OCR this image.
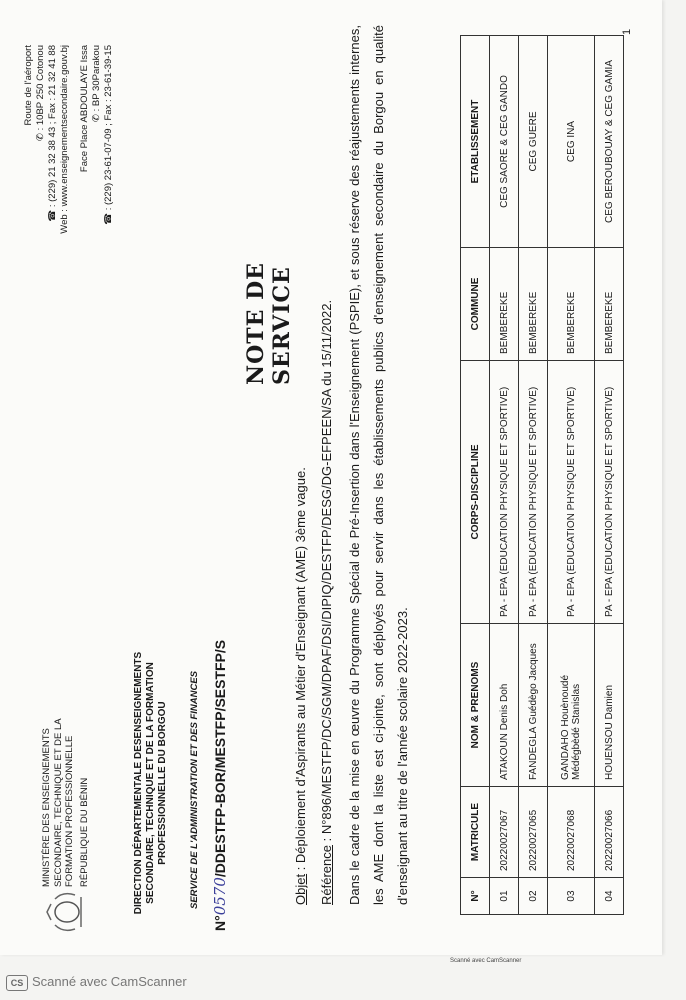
MINISTÈRE DES ENSEIGNEMENTS SECONDAIRE, TECHNIQUE ET DE LA FORMATION PROFESSIONNELLE RÉPUBLIQUE DU BÉNIN	DIRECTION DÉPARTEMENTALE DESENSEIGNEMENTS SECONDAIRE, TECHNIQUE ET DE LA FORMATION PROFESSIONNELLE DU BORGOU SERVICE DE L'ADMINISTRATION ET DES FINANCES
N°0570/DDESTFP-BOR/MESTFP/SESTFP/S
Route de l'aéroport ✆ : 10BP 250 Cotonou ☎ : (229) 21 32 38 43 ; Fax : 21 32 41 88 Web : www.enseignementsecondaire.gouv.bj Face Place ABDOULAYE Issa ✆ : BP 30Parakou ☎ : (229) 23-61-07-09 ; Fax : 23-61-39-15
NOTE DE SERVICE
Objet : Déploiement d'Aspirants au Métier d'Enseignant (AME) 3ème vague.
Référence : N°896/MESTFP/DC/SGM/DPAF/DSI/DIPIQ/DESTFP/DESG/DG-EFPEEN/SA du 15/11/2022.	Dans le cadre de la mise en œuvre du Programme Spécial de Pré-Insertion dans l'Enseignement (PSPIE), et sous réserve des réajustements internes, les AME dont la liste est ci-jointe, sont déployés pour servir dans les établissements publics d'enseignement secondaire du Borgou en qualité d'enseignant au titre de l'année scolaire 2022-2023.	N°	MATRICULE	NOM & PRENOMS	CORPS-DISCIPLINE	COMMUNE	ETABLISSEMENT
01	20220027067	ATAKOUN Denis Doh	PA - EPA (EDUCATION PHYSIQUE ET SPORTIVE)	BEMBEREKE	CEG SAORE & CEG GANDO
02	20220027065	FANDEGLA Guédègo Jacques	PA - EPA (EDUCATION PHYSIQUE ET SPORTIVE)	BEMBEREKE	CEG GUERE
03	20220027068	GANDAHO Houènoudé Médégbèdé Stanislas	PA - EPA (EDUCATION PHYSIQUE ET SPORTIVE)	BEMBEREKE	CEG INA
04	20220027066	HOUENSOU Damien	PA - EPA (EDUCATION PHYSIQUE ET SPORTIVE)	BEMBEREKE	CEG BEROUBOUAY & CEG GAMIA
1
Scanné avec CamScanner
CS Scanné avec CamScanner
